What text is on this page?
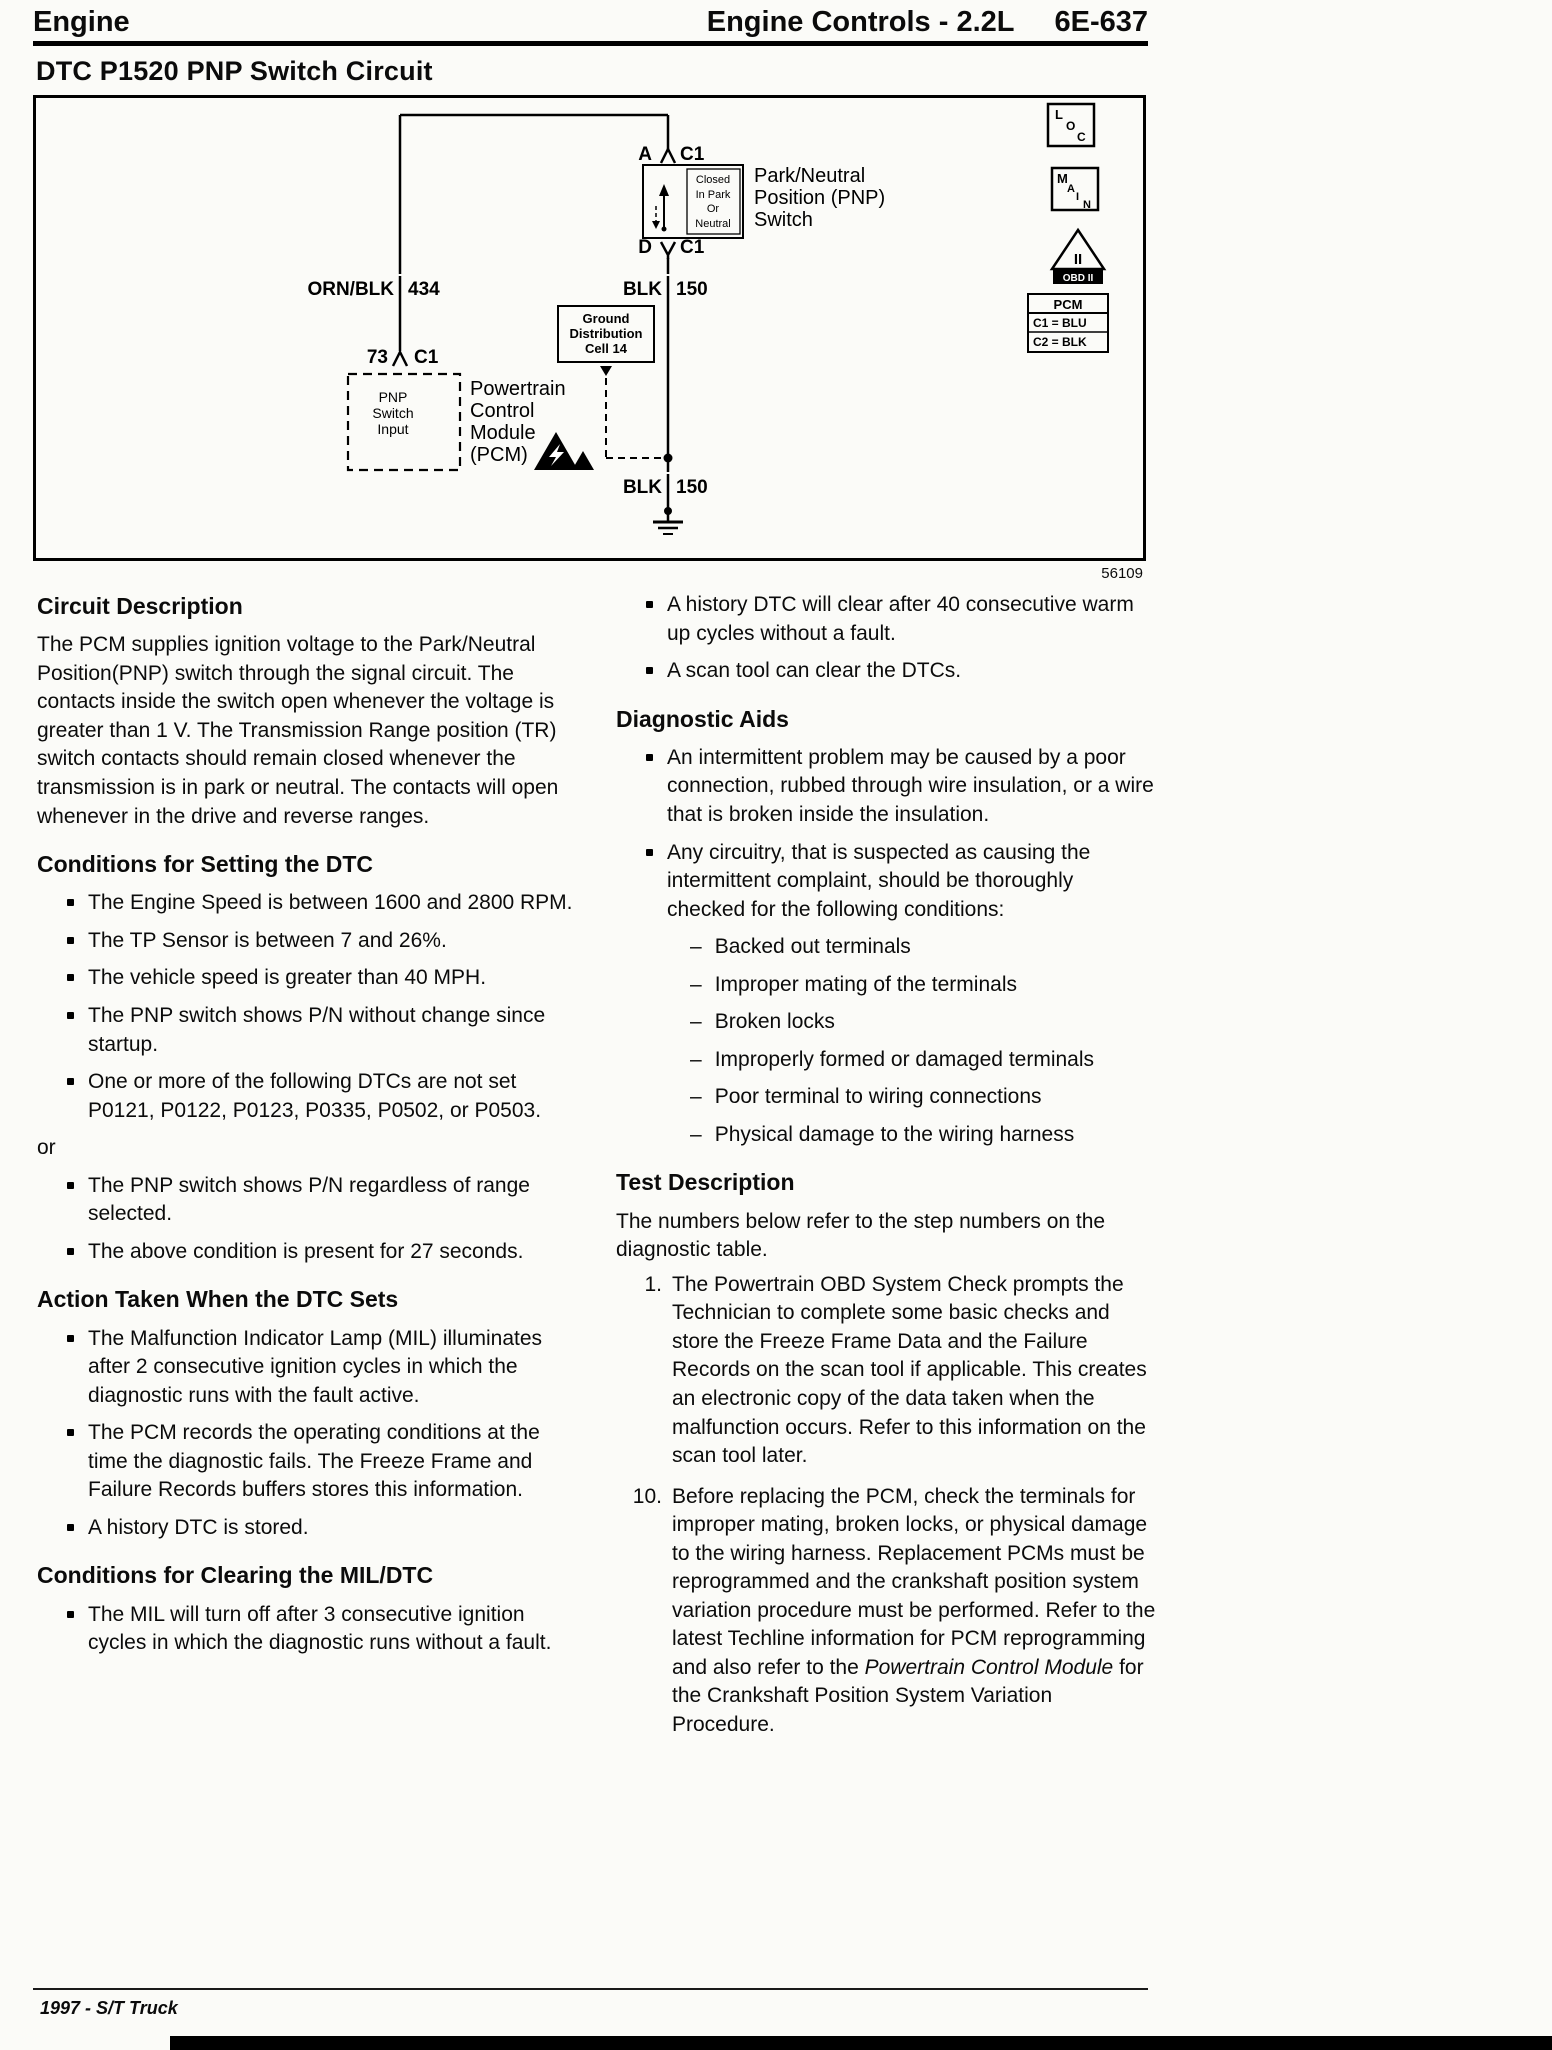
Engine	Engine Controls - 2.2L 6E-637
DTC P1520 PNP Switch Circuit
A C1
Closed
In Park
Or
Neutral
Park/Neutral
Position (PNP)
Switch
D C1
ORN/BLK 434	BLK 150
Ground
Distribution
Cell 14
BLK 150
73 C1
PNP
Switch
Input
Powertrain
Control
Module
(PCM)
L
O
C
M
A
I
N
II
OBD II
PCM
C1 = BLU
C2 = BLK
56109
Circuit Description

The PCM supplies ignition voltage to the Park/Neutral Position(PNP) switch through the signal circuit. The contacts inside the switch open whenever the voltage is greater than 1 V. The Transmission Range position (TR) switch contacts should remain closed whenever the transmission is in park or neutral. The contacts will open whenever in the drive and reverse ranges.

Conditions for Setting the DTC
The Engine Speed is between 1600 and 2800 RPM.
The TP Sensor is between 7 and 26%.
The vehicle speed is greater than 40 MPH.
The PNP switch shows P/N without change since startup.
One or more of the following DTCs are not set P0121, P0122, P0123, P0335, P0502, or P0503.
or
The PNP switch shows P/N regardless of range selected.
The above condition is present for 27 seconds.
Action Taken When the DTC Sets
The Malfunction Indicator Lamp (MIL) illuminates after 2 consecutive ignition cycles in which the diagnostic runs with the fault active.
The PCM records the operating conditions at the time the diagnostic fails. The Freeze Frame and Failure Records buffers stores this information.
A history DTC is stored.
Conditions for Clearing the MIL/DTC
The MIL will turn off after 3 consecutive ignition cycles in which the diagnostic runs without a fault.
A history DTC will clear after 40 consecutive warm up cycles without a fault.
A scan tool can clear the DTCs.
Diagnostic Aids
An intermittent problem may be caused by a poor connection, rubbed through wire insulation, or a wire that is broken inside the insulation.
Any circuitry, that is suspected as causing the intermittent complaint, should be thoroughly checked for the following conditions:
– Backed out terminals
– Improper mating of the terminals
– Broken locks
– Improperly formed or damaged terminals
– Poor terminal to wiring connections
– Physical damage to the wiring harness
Test Description

The numbers below refer to the step numbers on the diagnostic table.

1. The Powertrain OBD System Check prompts the Technician to complete some basic checks and store the Freeze Frame Data and the Failure Records on the scan tool if applicable. This creates an electronic copy of the data taken when the malfunction occurs. Refer to this information on the scan tool later.
10. Before replacing the PCM, check the terminals for improper mating, broken locks, or physical damage to the wiring harness. Replacement PCMs must be reprogrammed and the crankshaft position system variation procedure must be performed. Refer to the latest Techline information for PCM reprogramming and also refer to the Powertrain Control Module for the Crankshaft Position System Variation Procedure.
1997 - S/T Truck
